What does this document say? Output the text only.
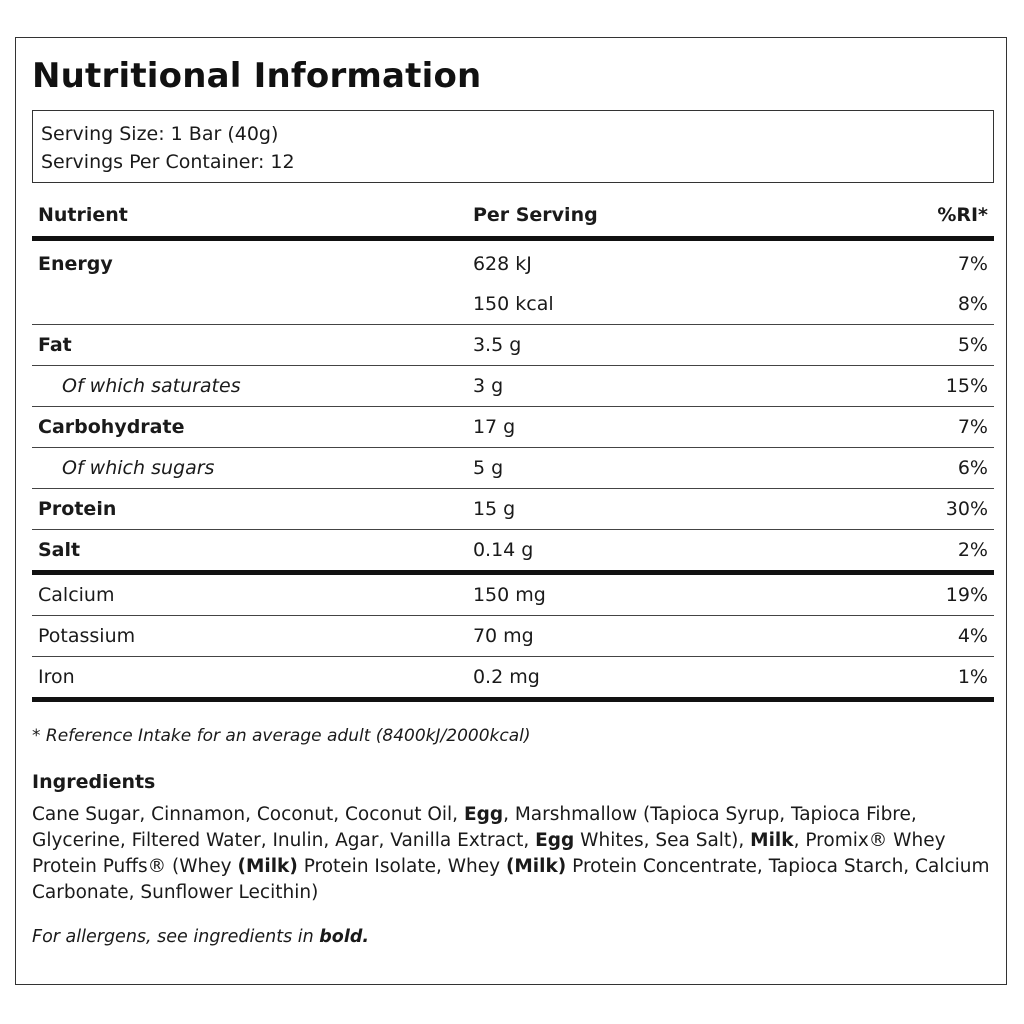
Nutritional Information
Serving Size: 1 Bar (40g)
Servings Per Container: 12
Nutrient	Per Serving	%RI*
Energy	628 kJ	7%
	150 kcal	8%
Fat	3.5 g	5%
Of which saturates	3 g	15%
Carbohydrate	17 g	7%
Of which sugars	5 g	6%
Protein	15 g	30%
Salt	0.14 g	2%
Calcium	150 mg	19%
Potassium	70 mg	4%
Iron	0.2 mg	1%
* Reference Intake for an average adult (8400kJ/2000kcal)
Ingredients

Cane Sugar, Cinnamon, Coconut, Coconut Oil, Egg, Marshmallow (Tapioca Syrup, Tapioca Fibre, Glycerine, Filtered Water, Inulin, Agar, Vanilla Extract, Egg Whites, Sea Salt), Milk, Promix® Whey Protein Puffs® (Whey (Milk) Protein Isolate, Whey (Milk) Protein Concentrate, Tapioca Starch, Calcium Carbonate, Sunflower Lecithin)

For allergens, see ingredients in bold.
